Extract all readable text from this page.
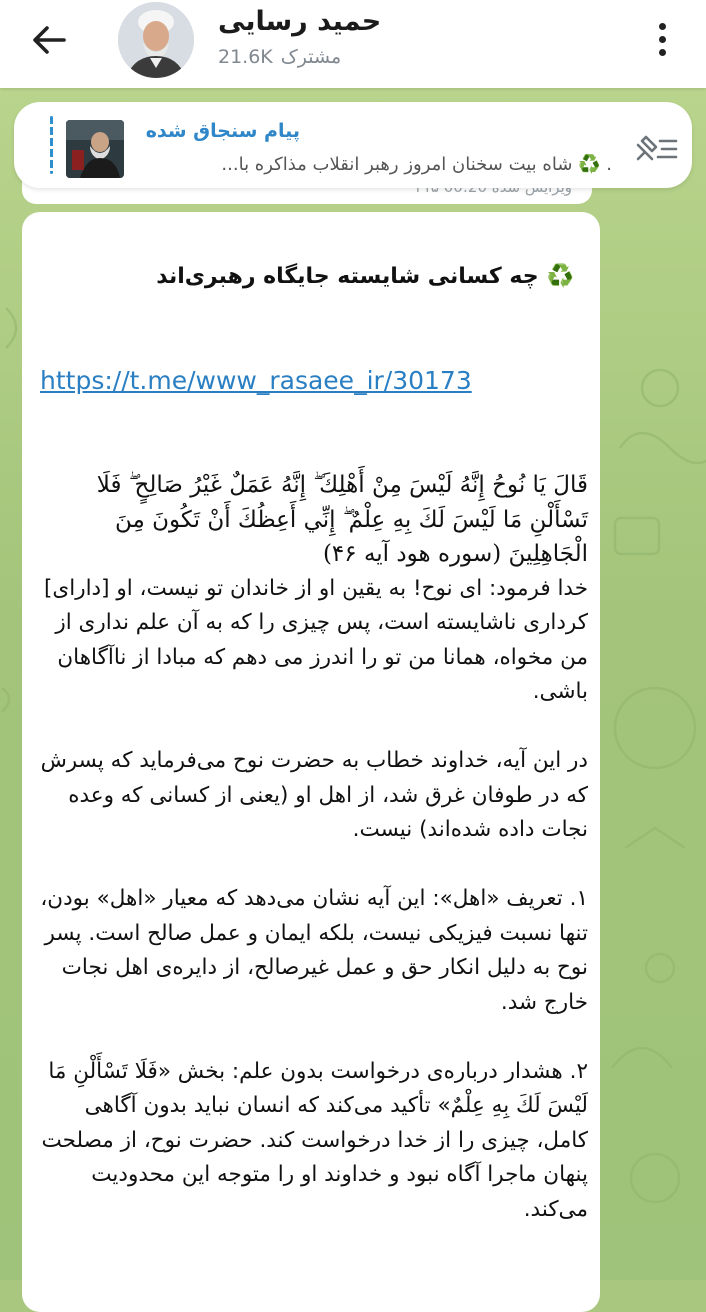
حمید رسایی
21.6K مشترک
پیام سنجاق شده
. ♻️ شاه بیت سخنان امروز رهبر انقلاب مذاکره با...
♻️
چه کسانی شایسته جایگاه رهبری‌اند
https://t.me/www_rasaee_ir/30173

قَالَ يَا نُوحُ إِنَّهُ لَيْسَ مِنْ أَهْلِكَ ۖ إِنَّهُ عَمَلٌ غَيْرُ صَالِحٍ ۖ فَلَا تَسْأَلْنِ مَا لَيْسَ لَكَ بِهِ عِلْمٌ ۖ إِنِّي أَعِظُكَ أَنْ تَكُونَ مِنَ الْجَاهِلِينَ (سوره هود آیه ۴۶)

خدا فرمود: ای نوح! به یقین او از خاندان تو نیست، او [دارای] کرداری ناشایسته است، پس چیزی را که به آن علم نداری از من مخواه، همانا من تو را اندرز می دهم که مبادا از ناآگاهان باشی.

در این آیه، خداوند خطاب به حضرت نوح می‌فرماید که پسرش که در طوفان غرق شد، از اهل او (یعنی از کسانی که وعده نجات داده شده‌اند) نیست.

۱. تعریف «اهل»: این آیه نشان می‌دهد که معیار «اهل» بودن، تنها نسبت فیزیکی نیست، بلکه ایمان و عمل صالح است. پسر نوح به دلیل انکار حق و عمل غیرصالح، از دایره‌ی اهل نجات خارج شد.

۲. هشدار درباره‌ی درخواست بدون علم: بخش «فَلَا تَسْأَلْنِ مَا لَيْسَ لَكَ بِهِ عِلْمٌ» تأکید می‌کند که انسان نباید بدون آگاهی کامل، چیزی را از خدا درخواست کند. حضرت نوح، از مصلحت پنهان ماجرا آگاه نبود و خداوند او را متوجه این محدودیت می‌کند.
